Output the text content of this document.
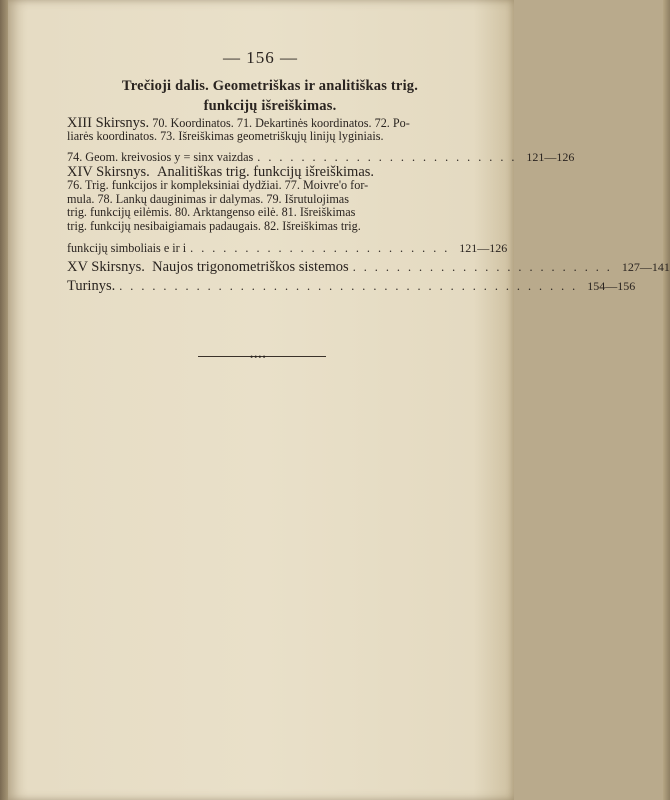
— 156 —
Trečioji dalis. Geometriškas ir analitiškas trig.
funkcijų išreiškimas.
XIII Skirsnys. 70. Koordinatos. 71. Dekartinės koordinatos. 72. Po-
liarės koordinatos. 73. Išreiškimas geometriškųjų linijų lyginiais.
74. Geom. kreivosios y = sinx vaizdas ........................ 121—126
XIV Skirsnys. Analitiškas trig. funkcijų išreiškimas.
76. Trig. funkcijos ir kompleksiniai dydžiai. 77. Moivre'o for-
mula. 78. Lankų dauginimas ir dalymas. 79. Išrutulojimas
trig. funkcijų eilėmis. 80. Arktangenso eilė. 81. Išreiškimas
trig. funkcijų nesibaigiamais padaugais. 82. Išreiškimas trig.
funkcijų simboliais e ir i ........................ 121—126
XV Skirsnys. Naujos trigonometriškos sistemos ........................ 127—141
Turinys. .......................................... 154—156
••••
